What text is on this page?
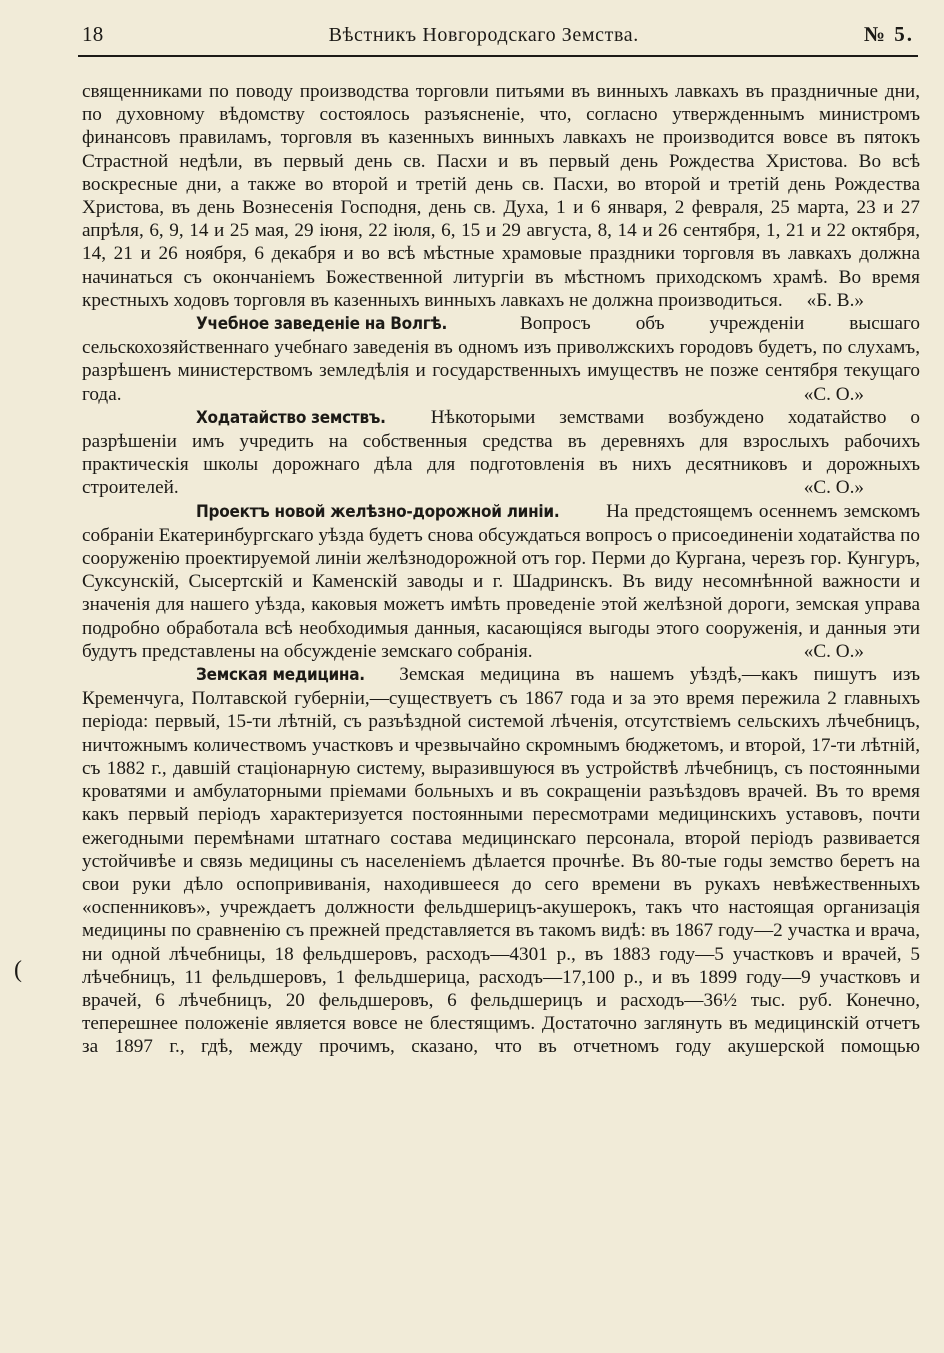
18	Вѣстникъ Новгородскаго Земства.	№ 5.
(

священниками по поводу производства торговли питьями въ винныхъ лавкахъ въ праздничные дни, по духовному вѣдомству состоялось разъясненіе, что, согласно утвержденнымъ министромъ финансовъ правиламъ, торговля въ казенныхъ винныхъ лавкахъ не производится вовсе въ пятокъ Страстной недѣли, въ первый день св. Пасхи и въ первый день Рождества Христова. Во всѣ воскресные дни, а также во второй и третій день св. Пасхи, во второй и третій день Рождества Христова, въ день Вознесенія Господня, день св. Духа, 1 и 6 января, 2 февраля, 25 марта, 23 и 27 апрѣля, 6, 9, 14 и 25 мая, 29 іюня, 22 іюля, 6, 15 и 29 августа, 8, 14 и 26 сентября, 1, 21 и 22 октября, 14, 21 и 26 ноября, 6 декабря и во всѣ мѣстные храмовые праздники торговля въ лавкахъ должна начинаться съ окончаніемъ Божественной литургіи въ мѣстномъ приходскомъ храмѣ. Во время крестныхъ ходовъ торговля въ казенныхъ винныхъ лавкахъ не должна производиться. «Б. В.»

Учебное заведеніе на Волгѣ.	Вопросъ объ учрежденіи высшаго сельскохозяйственнаго учебнаго заведенія въ одномъ изъ приволжскихъ городовъ будетъ, по слухамъ, разрѣшенъ министерствомъ земледѣлія и государственныхъ имуществъ не позже сентября текущаго года.	«С. О.»

Ходатайство земствъ. Нѣкоторыми земствами возбуждено ходатайство о разрѣшеніи имъ учредить на собственныя средства въ деревняхъ для взрослыхъ рабочихъ практическія школы дорожнаго дѣла для подготовленія въ нихъ десятниковъ и дорожныхъ строителей.	«С. О.»

Проектъ новой желѣзно-дорожной линіи. На предстоящемъ осеннемъ земскомъ собраніи Екатеринбургскаго уѣзда будетъ снова обсуждаться вопросъ о присоединеніи ходатайства по сооруженію проектируемой линіи желѣзнодорожной отъ гор. Перми до Кургана, черезъ гор. Кунгуръ, Суксунскій, Сысертскій и Каменскій заводы и г. Шадринскъ. Въ виду несомнѣнной важности и значенія для нашего уѣзда, каковыя можетъ имѣть проведеніе этой желѣзной дороги, земская управа подробно обработала всѣ необходимыя данныя, касающіяся выгоды этого сооруженія, и данныя эти будутъ представлены на обсужденіе земскаго собранія.	«С. О.»

Земская медицина. Земская медицина въ нашемъ уѣздѣ,—какъ пишутъ изъ Кременчуга, Полтавской губерніи,—существуетъ съ 1867 года и за это время пережила 2 главныхъ періода: первый, 15-ти лѣтній, съ разъѣздной системой лѣченія, отсутствіемъ сельскихъ лѣчебницъ, ничтожнымъ количествомъ участковъ и чрезвычайно скромнымъ бюджетомъ, и второй, 17-ти лѣтній, съ 1882 г., давшій стаціонарную систему, выразившуюся въ устройствѣ лѣчебницъ, съ постоянными кроватями и амбулаторными пріемами больныхъ и въ сокращеніи разъѣздовъ врачей. Въ то время какъ первый періодъ характеризуется постоянными пересмотрами медицинскихъ уставовъ, почти ежегодными перемѣнами штатнаго состава медицинскаго персонала, второй періодъ развивается устойчивѣе и связь медицины съ населеніемъ дѣлается прочнѣе. Въ 80-тые годы земство беретъ на свои руки дѣло оспопрививанія, находившееся до сего времени въ рукахъ невѣжественныхъ «оспенниковъ», учреждаетъ должности фельдшерицъ-акушерокъ, такъ что настоящая организація медицины по сравненію съ прежней представляется въ такомъ видѣ: въ 1867 году—2 участка и врача, ни одной лѣчебницы, 18 фельдшеровъ, расходъ—4301 р., въ 1883 году—5 участковъ и врачей, 5 лѣчебницъ, 11 фельдшеровъ, 1 фельдшерица, расходъ—17,100 р., и въ 1899 году—9 участковъ и врачей, 6 лѣчебницъ, 20 фельдшеровъ, 6 фельдшерицъ и расходъ—36½ тыс. руб. Конечно, теперешнее положеніе является вовсе не блестящимъ. Достаточно заглянуть въ медицинскій отчетъ за 1897 г., гдѣ, между прочимъ, сказано, что въ отчетномъ году акушерской помощью
